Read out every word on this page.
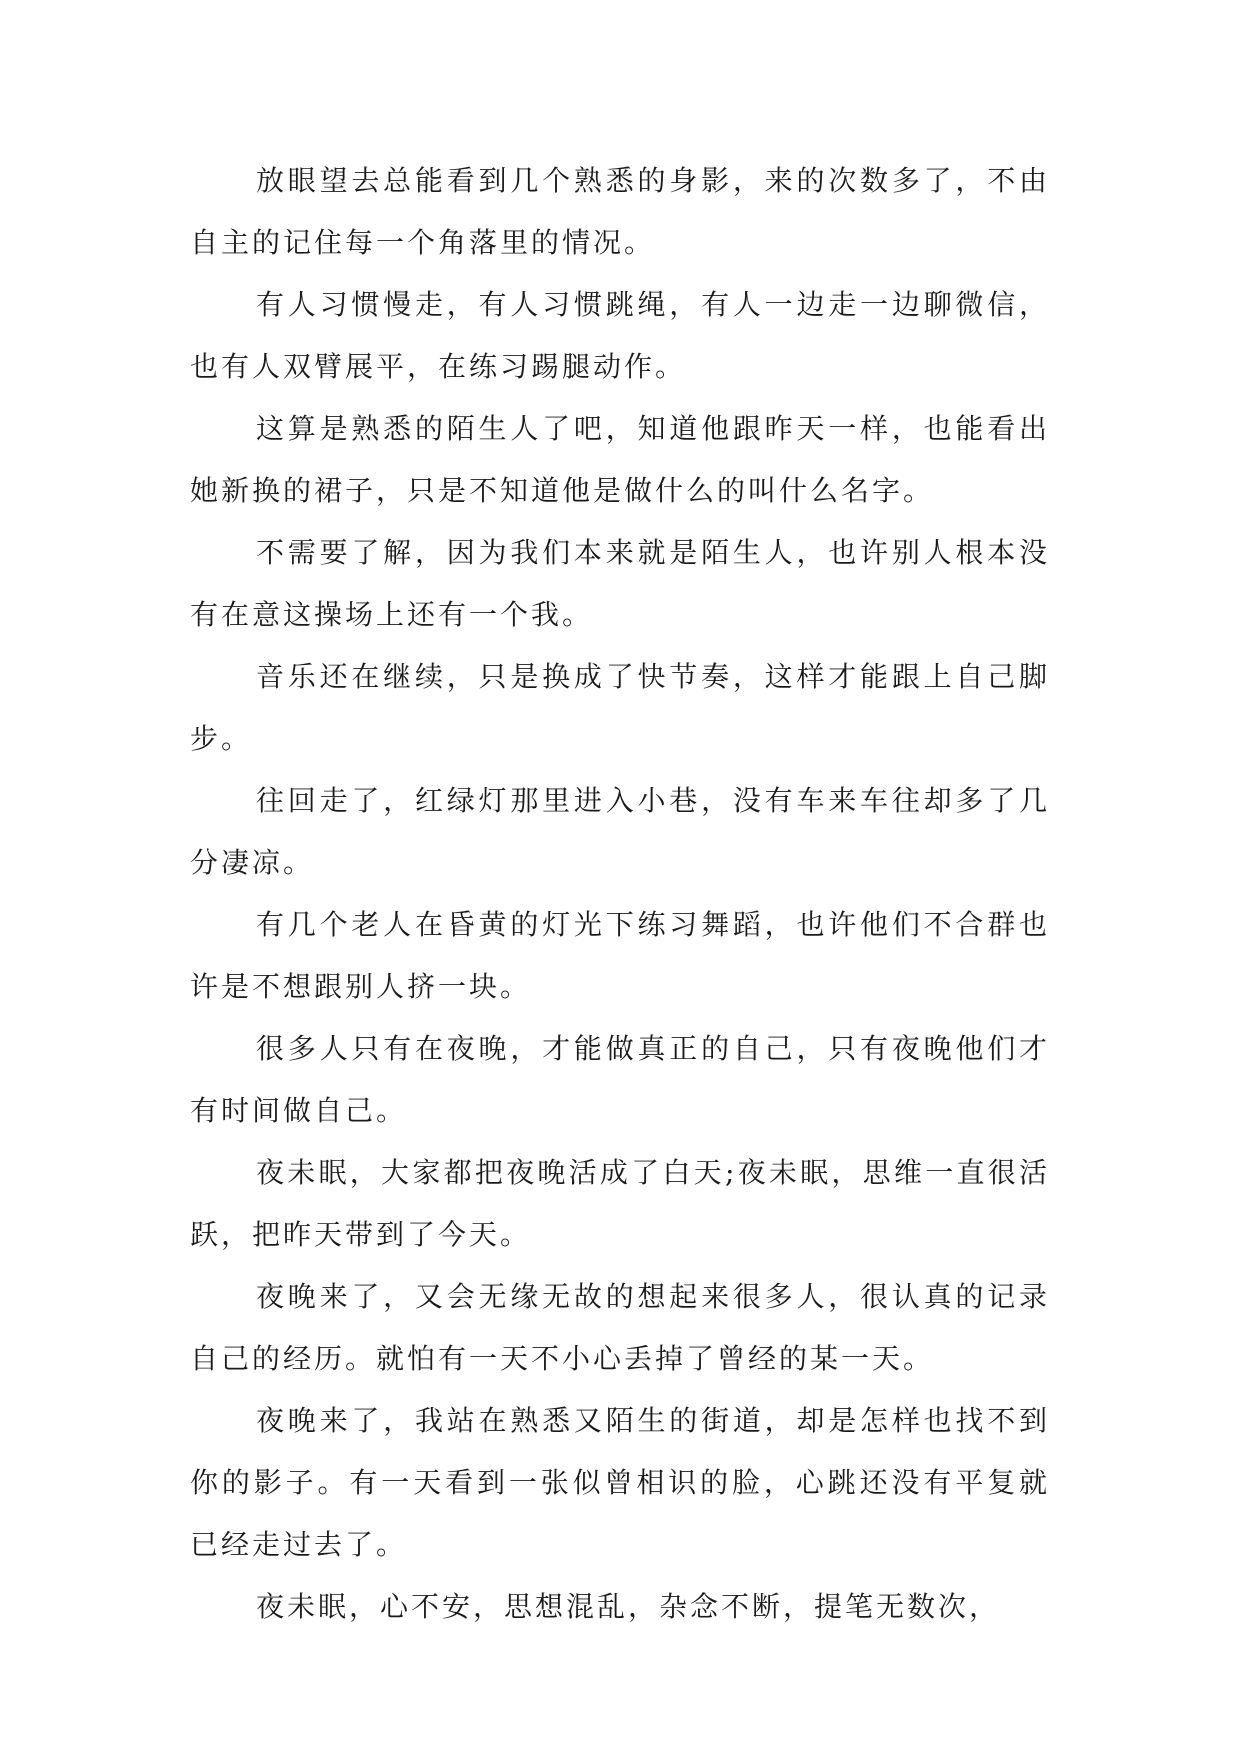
放眼望去总能看到几个熟悉的身影，来的次数多了，不由自主的记住每一个角落里的情况。

有人习惯慢走，有人习惯跳绳，有人一边走一边聊微信，也有人双臂展平，在练习踢腿动作。

这算是熟悉的陌生人了吧，知道他跟昨天一样，也能看出她新换的裙子，只是不知道他是做什么的叫什么名字。

不需要了解，因为我们本来就是陌生人，也许别人根本没有在意这操场上还有一个我。

音乐还在继续，只是换成了快节奏，这样才能跟上自己脚步。

往回走了，红绿灯那里进入小巷，没有车来车往却多了几分凄凉。

有几个老人在昏黄的灯光下练习舞蹈，也许他们不合群也许是不想跟别人挤一块。

很多人只有在夜晚，才能做真正的自己，只有夜晚他们才有时间做自己。

夜未眠，大家都把夜晚活成了白天;夜未眠，思维一直很活跃，把昨天带到了今天。

夜晚来了，又会无缘无故的想起来很多人，很认真的记录自己的经历。就怕有一天不小心丢掉了曾经的某一天。

夜晚来了，我站在熟悉又陌生的街道，却是怎样也找不到你的影子。有一天看到一张似曾相识的脸，心跳还没有平复就已经走过去了。

夜未眠，心不安，思想混乱，杂念不断，提笔无数次，
